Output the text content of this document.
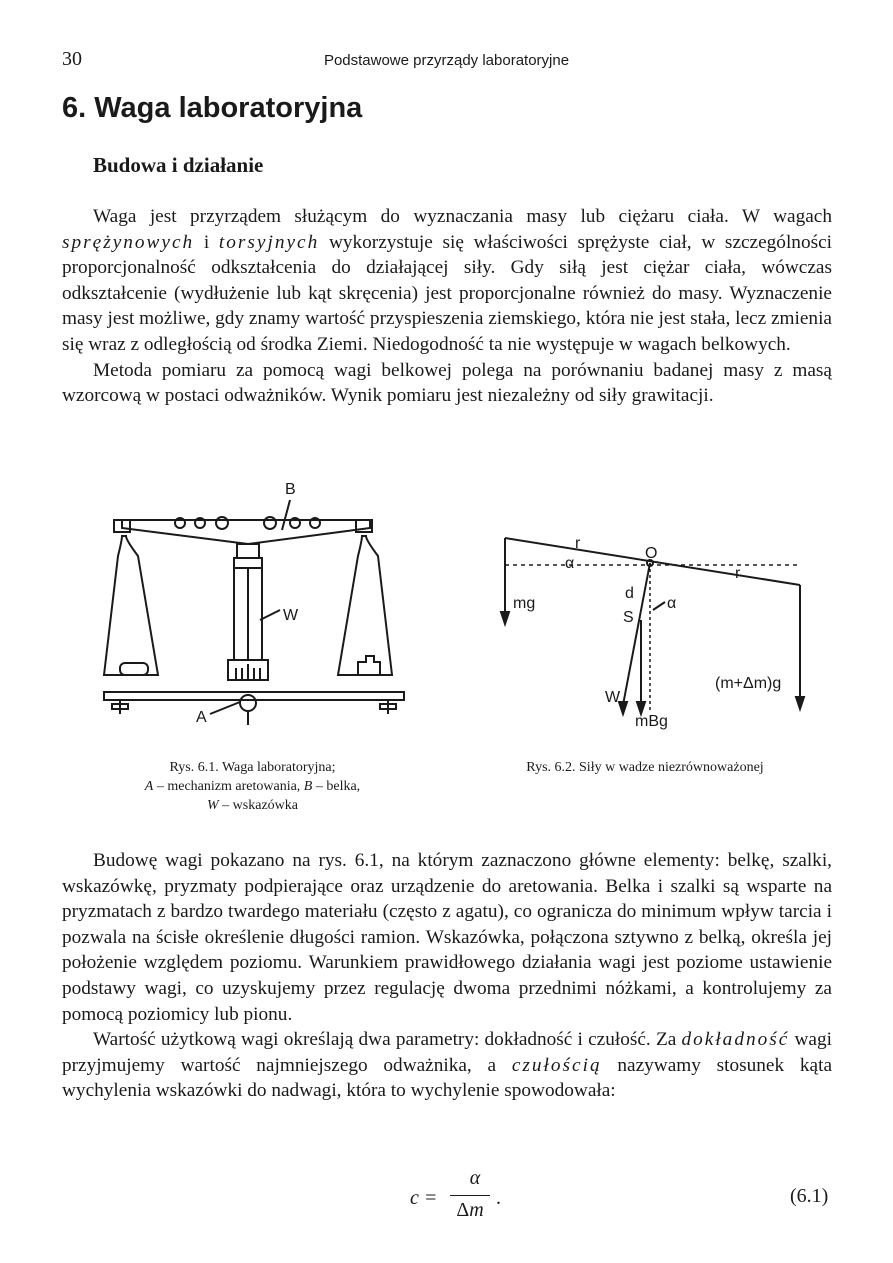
30	Podstawowe przyrządy laboratoryjne
6. Waga laboratoryjna
Budowa i działanie

Waga jest przyrządem służącym do wyznaczania masy lub ciężaru ciała. W wagach sprężynowych i torsyjnych wykorzystuje się właściwości sprężyste ciał, w szczególności proporcjonalność odkształcenia do działającej siły. Gdy siłą jest ciężar ciała, wówczas odkształcenie (wydłużenie lub kąt skręcenia) jest proporcjonalne również do masy. Wyznaczenie masy jest możliwe, gdy znamy wartość przyspieszenia ziemskiego, która nie jest stała, lecz zmienia się wraz z odległością od środka Ziemi. Niedogodność ta nie występuje w wagach belkowych.

Metoda pomiaru za pomocą wagi belkowej polega na porównaniu badanej masy z masą wzorcową w postaci odważników. Wynik pomiaru jest niezależny od siły grawitacji.

B
W
A
Rys. 6.1. Waga laboratoryjna;
A – mechanizm aretowania, B – belka,
W – wskazówka
r
α
O
r
mg
d
α
S
W
mBg
(m+Δm)g
Rys. 6.2. Siły w wadze niezrównoważonej

Budowę wagi pokazano na rys. 6.1, na którym zaznaczono główne elementy: belkę, szalki, wskazówkę, pryzmaty podpierające oraz urządzenie do aretowania. Belka i szalki są wsparte na pryzmatach z bardzo twardego materiału (często z agatu), co ogranicza do minimum wpływ tarcia i pozwala na ścisłe określenie długości ramion. Wskazówka, połączona sztywno z belką, określa jej położenie względem poziomu. Warunkiem prawidłowego działania wagi jest poziome ustawienie podstawy wagi, co uzyskujemy przez regulację dwoma przednimi nóżkami, a kontrolujemy za pomocą poziomicy lub pionu.

Wartość użytkową wagi określają dwa parametry: dokładność i czułość. Za dokładność wagi przyjmujemy wartość najmniejszego odważnika, a czułością nazywamy stosunek kąta wychylenia wskazówki do nadwagi, która to wychylenie spowodowała:

c =
α
Δm
.	(6.1)
